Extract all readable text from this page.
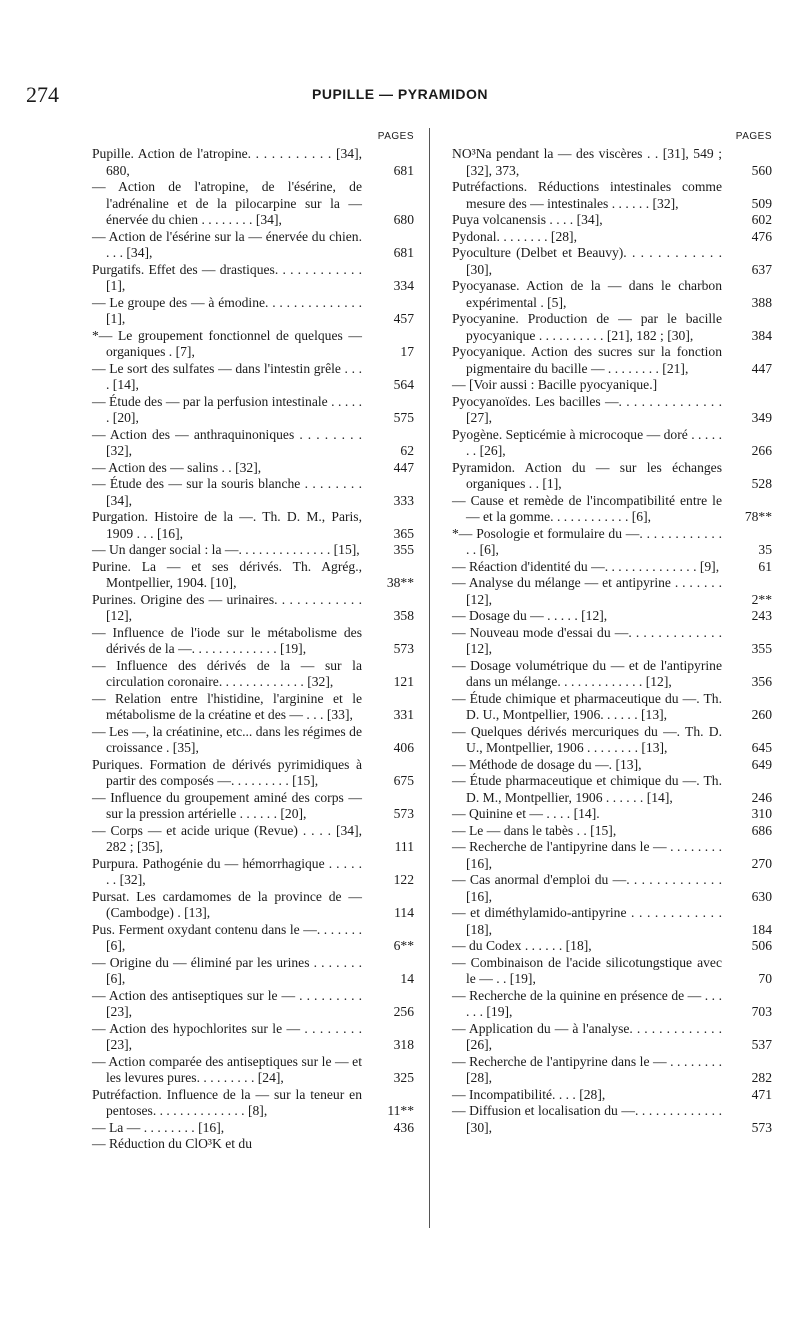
274	PUPILLE — PYRAMIDON
PAGES
Pupille. Action de l'atropine. . . . . . . . . . . [34], 680,	681
— Action de l'atropine, de l'ésérine, de l'adrénaline et de la pilocarpine sur la — énervée du chien . . . . . . . . [34],	680
— Action de l'ésérine sur la — énervée du chien. . . . [34],	681
Purgatifs. Effet des — drastiques. . . . . . . . . . . . [1],	334
— Le groupe des — à émodine. . . . . . . . . . . . . . [1],	457
*— Le groupement fonctionnel de quelques — organiques . [7],	17
— Le sort des sulfates — dans l'intestin grêle . . . . [14],	564
— Étude des — par la perfusion intestinale . . . . . . [20],	575
— Action des — anthraquinoniques . . . . . . . . [32],	62
— Action des — salins . . [32],	447
— Étude des — sur la souris blanche . . . . . . . . [34],	333
Purgation. Histoire de la —. Th. D. M., Paris, 1909 . . . [16],	365
— Un danger social : la —. . . . . . . . . . . . . . [15],	355
Purine. La — et ses dérivés. Th. Agrég., Montpellier, 1904. [10],	38**
Purines. Origine des — urinaires. . . . . . . . . . . . [12],	358
— Influence de l'iode sur le métabolisme des dérivés de la —. . . . . . . . . . . . . [19],	573
— Influence des dérivés de la — sur la circulation coronaire. . . . . . . . . . . . . [32],	121
— Relation entre l'histidine, l'arginine et le métabolisme de la créatine et des — . . . [33],	331
— Les —, la créatinine, etc... dans les régimes de croissance . [35],	406
Puriques. Formation de dérivés pyrimidiques à partir des composés —. . . . . . . . . [15],	675
— Influence du groupement aminé des corps — sur la pression artérielle . . . . . . [20],	573
— Corps — et acide urique (Revue) . . . . [34], 282 ; [35],	111
Purpura. Pathogénie du — hémorrhagique . . . . . . . [32],	122
Pursat. Les cardamomes de la province de — (Cambodge) . [13],	114
Pus. Ferment oxydant contenu dans le —. . . . . . . [6],	6**
— Origine du — éliminé par les urines . . . . . . . [6],	14
— Action des antiseptiques sur le — . . . . . . . . . [23],	256
— Action des hypochlorites sur le — . . . . . . . . [23],	318
— Action comparée des antiseptiques sur le — et les levures pures. . . . . . . . . [24],	325
Putréfaction. Influence de la — sur la teneur en pentoses. . . . . . . . . . . . . . [8],	11**
— La — . . . . . . . . [16],	436
— Réduction du ClO³K et du
PAGES
NO³Na pendant la — des viscères . . [31], 549 ; [32], 373,	560
Putréfactions. Réductions intestinales comme mesure des — intestinales . . . . . . [32],	509
Puya volcanensis . . . . [34],	602
Pydonal. . . . . . . . [28],	476
Pyoculture (Delbet et Beauvy). . . . . . . . . . . . [30],	637
Pyocyanase. Action de la — dans le charbon expérimental . [5],	388
Pyocyanine. Production de — par le bacille pyocyanique . . . . . . . . . . [21], 182 ; [30],	384
Pyocyanique. Action des sucres sur la fonction pigmentaire du bacille — . . . . . . . . [21],	447
— [Voir aussi : Bacille pyocyanique.]
Pyocyanoïdes. Les bacilles —. . . . . . . . . . . . . . [27],	349
Pyogène. Septicémie à microcoque — doré . . . . . . . [26],	266
Pyramidon. Action du — sur les échanges organiques . . [1],	528
— Cause et remède de l'incompatibilité entre le — et la gomme. . . . . . . . . . . . [6],	78**
*— Posologie et formulaire du —. . . . . . . . . . . . . . [6],	35
— Réaction d'identité du —. . . . . . . . . . . . . . [9],	61
— Analyse du mélange — et antipyrine . . . . . . . [12],	2**
— Dosage du — . . . . . [12],	243
— Nouveau mode d'essai du —. . . . . . . . . . . . . [12],	355
— Dosage volumétrique du — et de l'antipyrine dans un mélange. . . . . . . . . . . . . [12],	356
— Étude chimique et pharmaceutique du —. Th. D. U., Montpellier, 1906. . . . . . [13],	260
— Quelques dérivés mercuriques du —. Th. D. U., Montpellier, 1906 . . . . . . . . [13],	645
— Méthode de dosage du —. [13],	649
— Étude pharmaceutique et chimique du —. Th. D. M., Montpellier, 1906 . . . . . . [14],	246
— Quinine et — . . . . [14].	310
— Le — dans le tabès . . [15],	686
— Recherche de l'antipyrine dans le — . . . . . . . . [16],	270
— Cas anormal d'emploi du —. . . . . . . . . . . . . [16],	630
— et diméthylamido-antipyrine . . . . . . . . . . . . [18],	184
— du Codex . . . . . . [18],	506
— Combinaison de l'acide silicotungstique avec le — . . [19],	70
— Recherche de la quinine en présence de — . . . . . . [19],	703
— Application du — à l'analyse. . . . . . . . . . . . . [26],	537
— Recherche de l'antipyrine dans le — . . . . . . . . [28],	282
— Incompatibilité. . . . [28],	471
— Diffusion et localisation du —. . . . . . . . . . . . . [30],	573
